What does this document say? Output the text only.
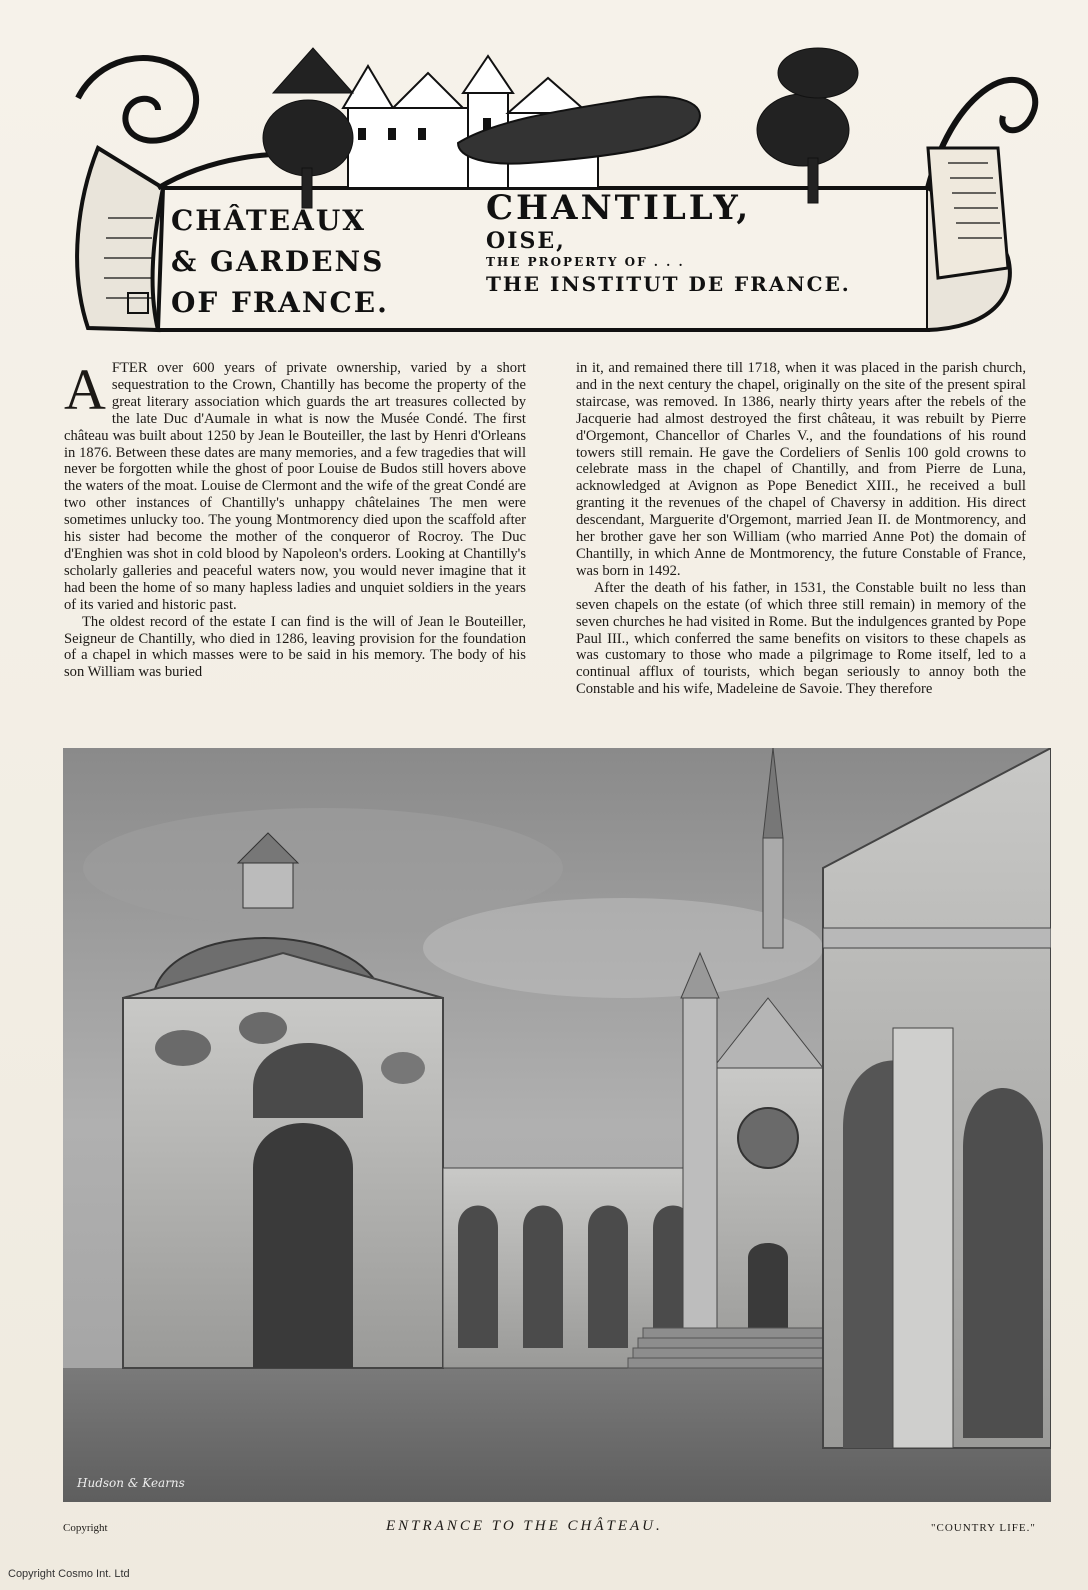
CHÂTEAUX
& GARDENS
OF FRANCE.
CHANTILLY,
OISE,
THE PROPERTY OF . . .
THE INSTITUT DE FRANCE.

AFTER over 600 years of private ownership, varied by a short sequestration to the Crown, Chantilly has become the property of the great literary association which guards the art treasures collected by the late Duc d'Aumale in what is now the Musée Condé. The first château was built about 1250 by Jean le Bouteiller, the last by Henri d'Orleans in 1876. Between these dates are many memories, and a few tragedies that will never be forgotten while the ghost of poor Louise de Budos still hovers above the waters of the moat. Louise de Clermont and the wife of the great Condé are two other instances of Chantilly's unhappy châtelaines The men were sometimes unlucky too. The young Montmorency died upon the scaffold after his sister had become the mother of the conqueror of Rocroy. The Duc d'Enghien was shot in cold blood by Napoleon's orders. Looking at Chantilly's scholarly galleries and peaceful waters now, you would never imagine that it had been the home of so many hapless ladies and unquiet soldiers in the years of its varied and historic past.

The oldest record of the estate I can find is the will of Jean le Bouteiller, Seigneur de Chantilly, who died in 1286, leaving provision for the foundation of a chapel in which masses were to be said in his memory. The body of his son William was buried

in it, and remained there till 1718, when it was placed in the parish church, and in the next century the chapel, originally on the site of the present spiral staircase, was removed. In 1386, nearly thirty years after the rebels of the Jacquerie had almost destroyed the first château, it was rebuilt by Pierre d'Orgemont, Chancellor of Charles V., and the foundations of his round towers still remain. He gave the Cordeliers of Senlis 100 gold crowns to celebrate mass in the chapel of Chantilly, and from Pierre de Luna, acknowledged at Avignon as Pope Benedict XIII., he received a bull granting it the revenues of the chapel of Chaversy in addition. His direct descendant, Marguerite d'Orgemont, married Jean II. de Montmorency, and her brother gave her son William (who married Anne Pot) the domain of Chantilly, in which Anne de Montmorency, the future Constable of France, was born in 1492.

After the death of his father, in 1531, the Constable built no less than seven chapels on the estate (of which three still remain) in memory of the seven churches he had visited in Rome. But the indulgences granted by Pope Paul III., which conferred the same benefits on visitors to these chapels as was customary to those who made a pilgrimage to Rome itself, led to a continual afflux of tourists, which began seriously to annoy both the Constable and his wife, Madeleine de Savoie. They therefore

Hudson & Kearns
Copyright	ENTRANCE TO THE CHÂTEAU.	"COUNTRY LIFE."
Copyright Cosmo Int. Ltd
